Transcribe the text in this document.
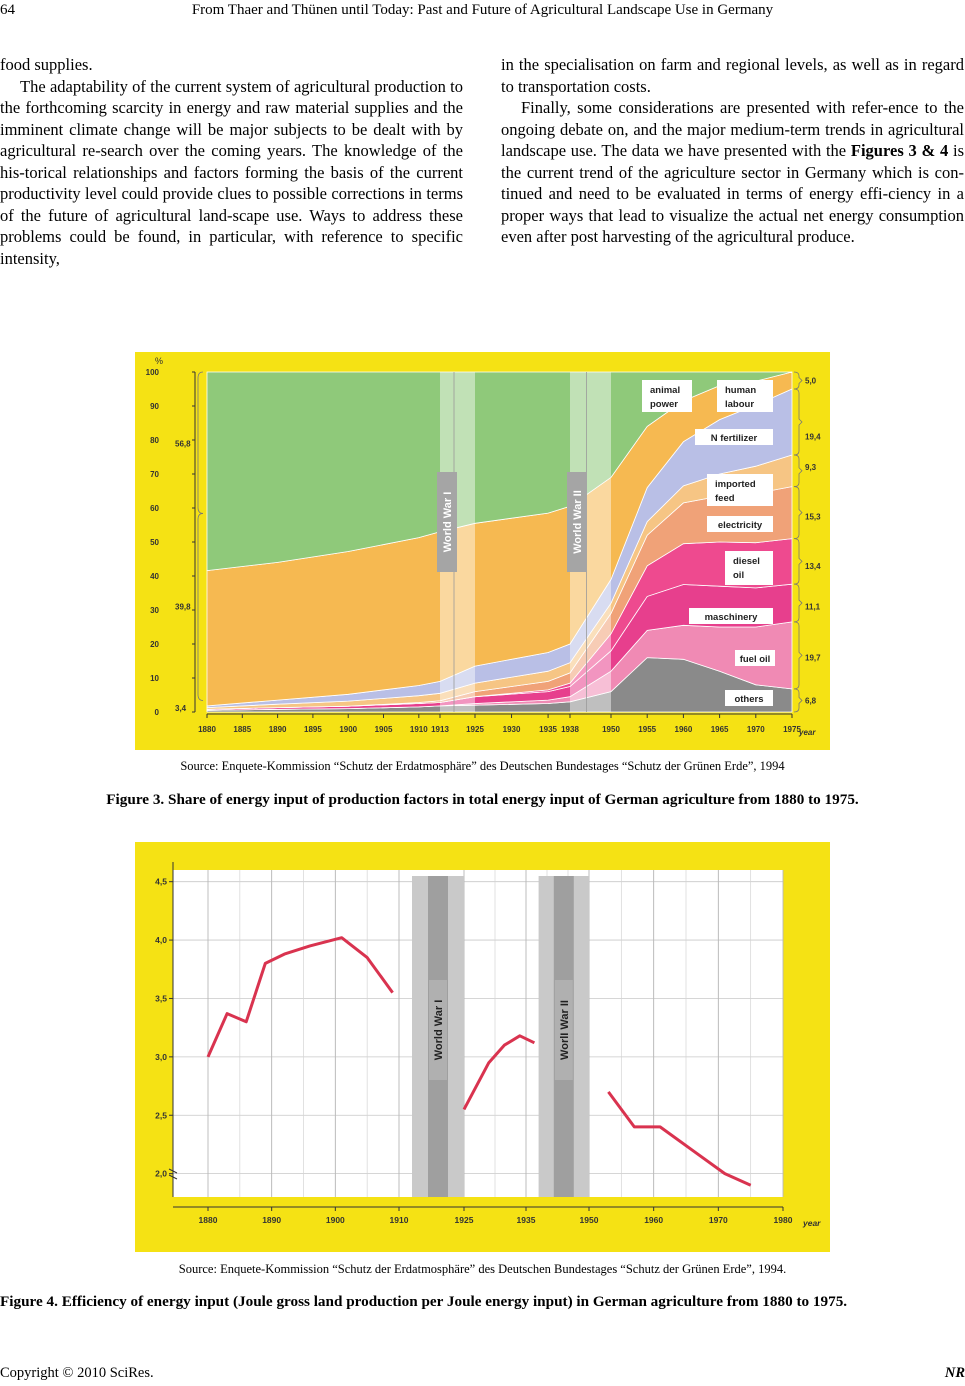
64	From Thaer and Thünen until Today: Past and Future of Agricultural Landscape Use in Germany

food supplies.

The adaptability of the current system of agricultural production to the forthcoming scarcity in energy and raw material supplies and the imminent climate change will be major subjects to be dealt with by agricultural re-search over the coming years. The knowledge of the his-torical relationships and factors forming the basis of the current productivity level could provide clues to possible corrections in terms of the future of agricultural land-scape use. Ways to address these problems could be found, in particular, with reference to specific intensity,

in the specialisation on farm and regional levels, as well as in regard to transportation costs.

Finally, some considerations are presented with refer-ence to the ongoing debate on, and the major medium-term trends in agricultural landscape use. The data we have presented with the Figures 3 & 4 is the current trend of the agriculture sector in Germany which is con-tinued and need to be evaluated in terms of energy effi-ciency in a proper ways that lead to visualize the actual net energy consumption even after post harvesting of the agricultural produce.

World War I	World War II
%
0
10
20
30
40
50
60
70
80
90
100
1880 1885 1890 1895 1900 1905 1910 1913 1925 1930 1935 1938	1950 1955 1960 1965 1970 1975
year
56,8
39,8
3,4
5,0
19,4
9,3
15,3
13,4
11,1
19,7
6,8
animal
power
human
labour
N fertilizer
imported
feed
electricity
diesel
oil
maschinery
fuel oil
others
Source: Enquete-Kommission “Schutz der Erdatmosphäre” des Deutschen Bundestages “Schutz der Grünen Erde”, 1994
Figure 3. Share of energy input of production factors in total energy input of German agriculture from 1880 to 1975.
World War I	WorlI War II
2,0
2,5
3,0
3,5
4,0
4,5
1880	1890	1900	1910	1925	1935	1950	1960	1970	1980 year
Source: Enquete-Kommission “Schutz der Erdatmosphäre” des Deutschen Bundestages “Schutz der Grünen Erde”, 1994.
Figure 4. Efficiency of energy input (Joule gross land production per Joule energy input) in German agriculture from 1880 to 1975.
Copyright © 2010 SciRes.	NR
